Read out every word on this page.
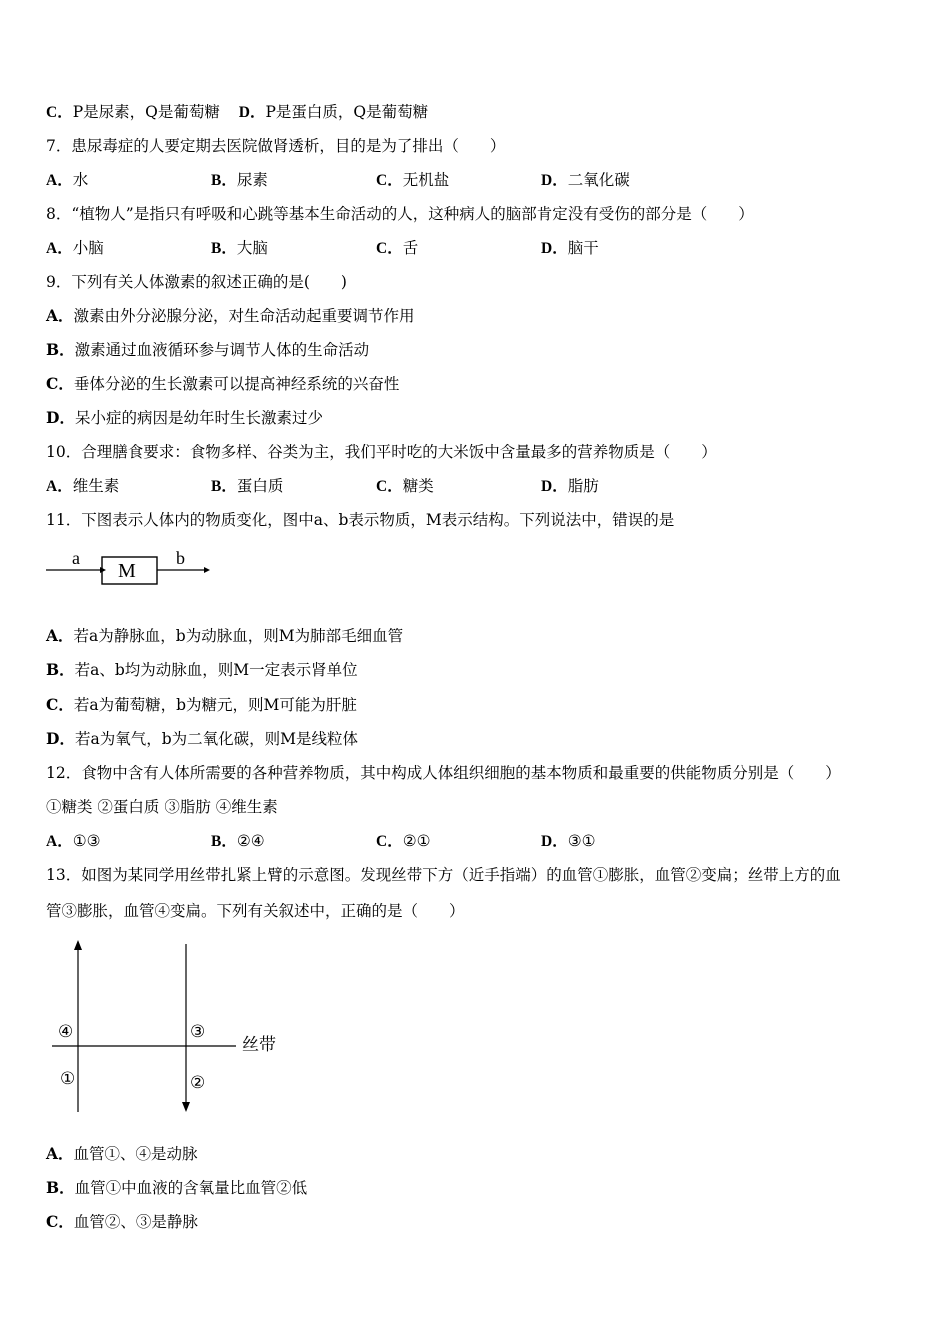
C．P是尿素，Q是葡萄糖 D．P是蛋白质，Q是葡萄糖
7．患尿毒症的人要定期去医院做肾透析，目的是为了排出（　　）
A．水	B．尿素	C．无机盐	D．二氧化碳
8．“植物人”是指只有呼吸和心跳等基本生命活动的人，这种病人的脑部肯定没有受伤的部分是（　　）
A．小脑	B．大脑	C．舌	D．脑干
9．下列有关人体激素的叙述正确的是(　　)
A．激素由外分泌腺分泌，对生命活动起重要调节作用
B．激素通过血液循环参与调节人体的生命活动
C．垂体分泌的生长激素可以提高神经系统的兴奋性
D．呆小症的病因是幼年时生长激素过少
10．合理膳食要求：食物多样、谷类为主，我们平时吃的大米饭中含量最多的营养物质是（　　）
A．维生素	B．蛋白质	C．糖类	D．脂肪
11．下图表示人体内的物质变化，图中a、b表示物质，M表示结构。下列说法中，错误的是
a
M
b
A．若a为静脉血，b为动脉血，则M为肺部毛细血管
B．若a、b均为动脉血，则M一定表示肾单位
C．若a为葡萄糖，b为糖元，则M可能为肝脏
D．若a为氧气，b为二氧化碳，则M是线粒体
12．食物中含有人体所需要的各种营养物质，其中构成人体组织细胞的基本物质和最重要的供能物质分别是（　　）
①糖类 ②蛋白质 ③脂肪 ④维生素
A．①③	B．②④	C．②①	D．③①
13．如图为某同学用丝带扎紧上臂的示意图。发现丝带下方（近手指端）的血管①膨胀，血管②变扁；丝带上方的血
管③膨胀，血管④变扁。下列有关叙述中，正确的是（　　）
丝带
④	③
①	②
A．血管①、④是动脉
B．血管①中血液的含氧量比血管②低
C．血管②、③是静脉
